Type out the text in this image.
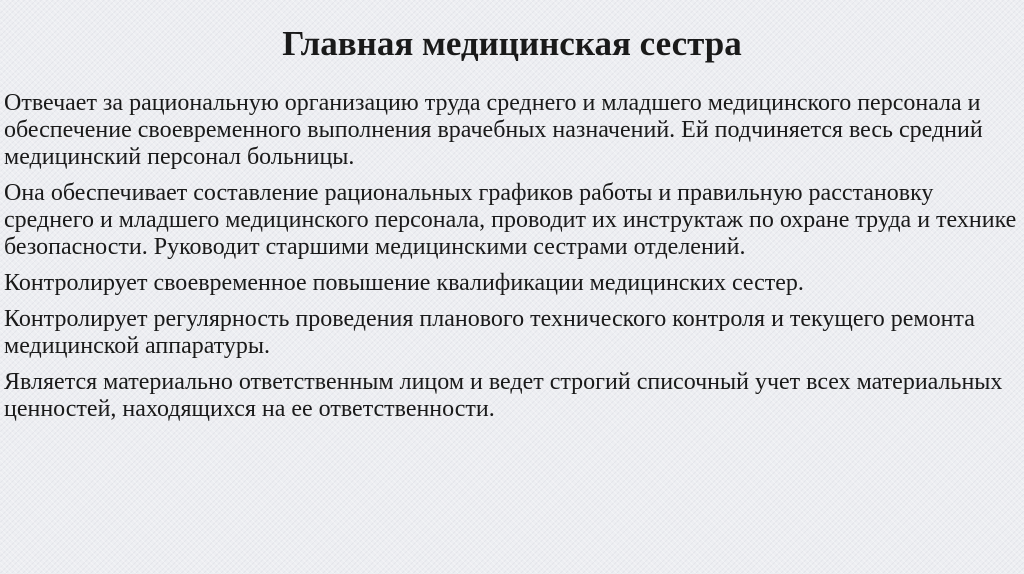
Главная медицинская сестра

Отвечает за рациональную организацию труда среднего и младшего медицинского персонала и обеспечение своевременного выполнения врачебных назначений. Ей подчиняется весь средний медицинский персонал больницы.

Она обеспечивает составление рациональных графиков работы и правильную расстановку среднего и младшего медицинского персонала, проводит их инструктаж по охране труда и технике безопасности. Руководит старшими медицинскими сестрами отделений.

Контролирует своевременное повышение квалификации медицинских сестер.

Контролирует регулярность проведения планового технического контроля и текущего ремонта медицинской аппаратуры.

Является материально ответственным лицом и ведет строгий списочный учет всех материальных ценностей, находящихся на ее ответственности.
